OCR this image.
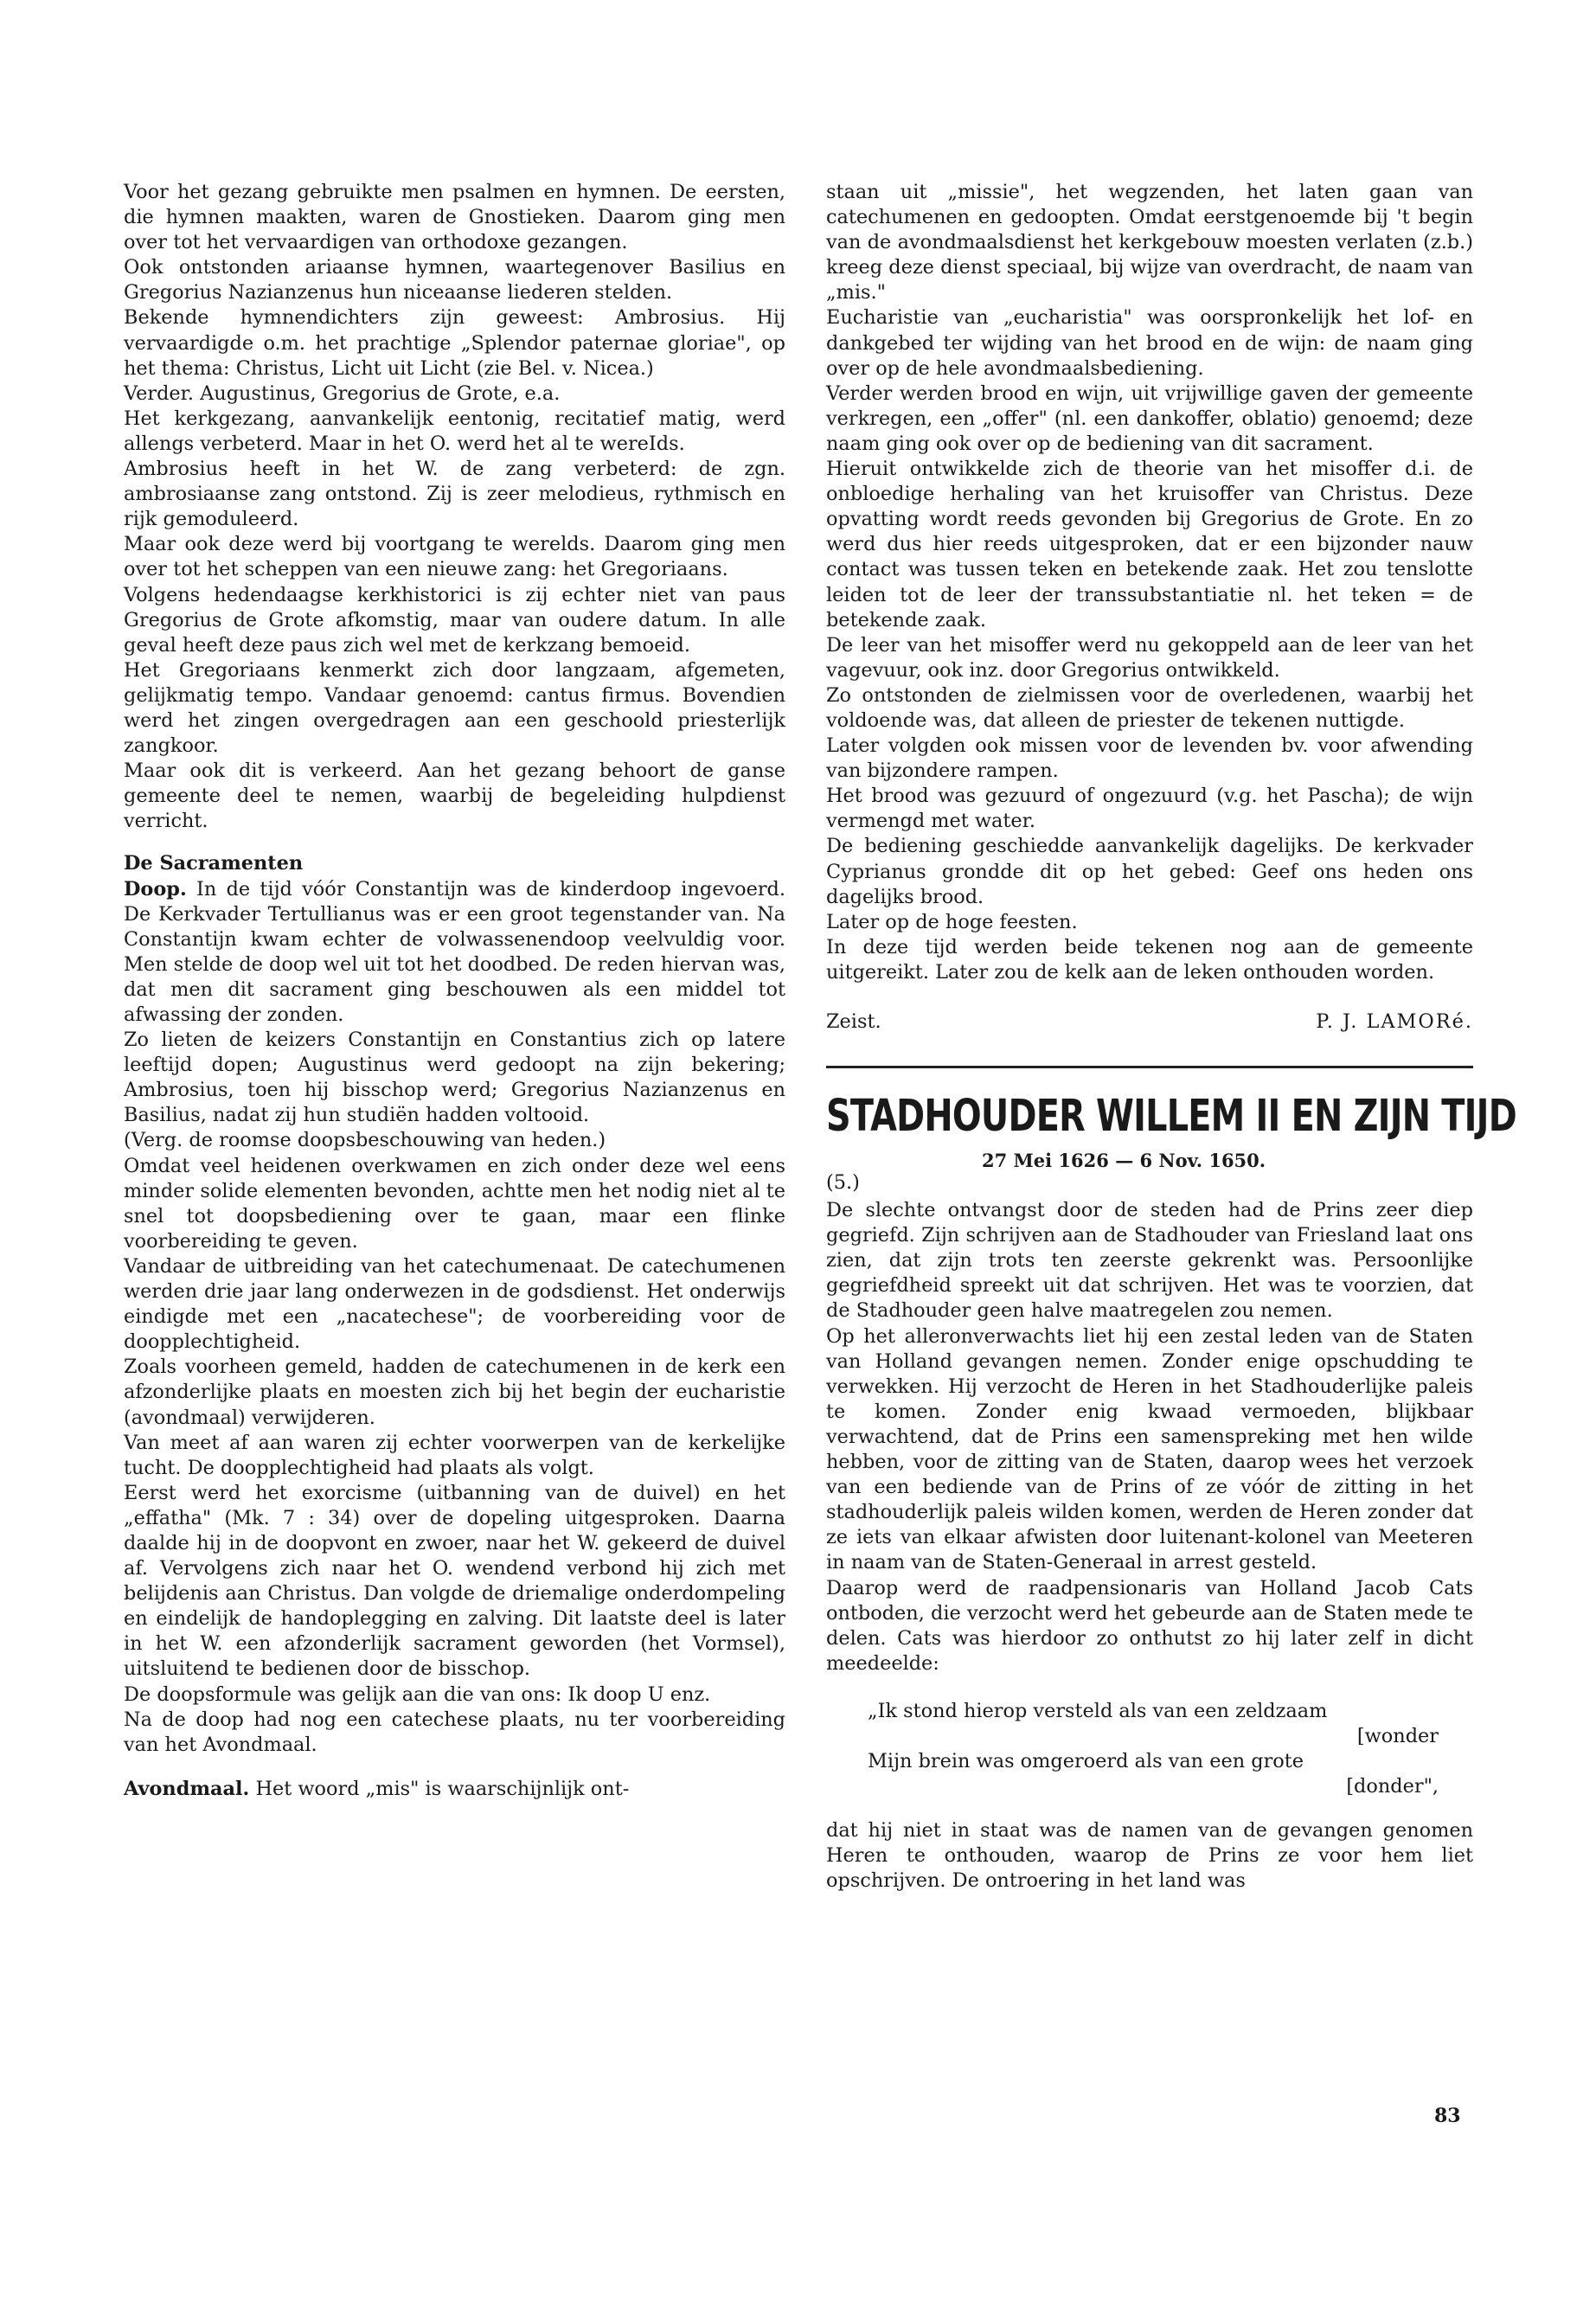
Voor het gezang gebruikte men psalmen en hymnen. De eersten, die hymnen maakten, waren de Gnostieken. Daarom ging men over tot het vervaardigen van orthodoxe gezangen.

Ook ontstonden ariaanse hymnen, waartegenover Basilius en Gregorius Nazianzenus hun niceaanse liederen stelden.

Bekende hymnendichters zijn geweest: Ambrosius. Hij vervaardigde o.m. het prachtige „Splendor paternae gloriae", op het thema: Christus, Licht uit Licht (zie Bel. v. Nicea.)

Verder. Augustinus, Gregorius de Grote, e.a.

Het kerkgezang, aanvankelijk eentonig, recitatief matig, werd allengs verbeterd. Maar in het O. werd het al te wereIds.

Ambrosius heeft in het W. de zang verbeterd: de zgn. ambrosiaanse zang ontstond. Zij is zeer melodieus, rythmisch en rijk gemoduleerd.

Maar ook deze werd bij voortgang te werelds. Daarom ging men over tot het scheppen van een nieuwe zang: het Gregoriaans.

Volgens hedendaagse kerkhistorici is zij echter niet van paus Gregorius de Grote afkomstig, maar van oudere datum. In alle geval heeft deze paus zich wel met de kerkzang bemoeid.

Het Gregoriaans kenmerkt zich door langzaam, afgemeten, gelijkmatig tempo. Vandaar genoemd: cantus firmus. Bovendien werd het zingen overgedragen aan een geschoold priesterlijk zangkoor.

Maar ook dit is verkeerd. Aan het gezang behoort de ganse gemeente deel te nemen, waarbij de begeleiding hulpdienst verricht.

De Sacramenten

Doop. In de tijd vóór Constantijn was de kinderdoop ingevoerd. De Kerkvader Tertullianus was er een groot tegenstander van. Na Constantijn kwam echter de volwassenendoop veelvuldig voor. Men stelde de doop wel uit tot het doodbed. De reden hiervan was, dat men dit sacrament ging beschouwen als een middel tot afwassing der zonden.

Zo lieten de keizers Constantijn en Constantius zich op latere leeftijd dopen; Augustinus werd gedoopt na zijn bekering; Ambrosius, toen hij bisschop werd; Gregorius Nazianzenus en Basilius, nadat zij hun studiën hadden voltooid.

(Verg. de roomse doopsbeschouwing van heden.)

Omdat veel heidenen overkwamen en zich onder deze wel eens minder solide elementen bevonden, achtte men het nodig niet al te snel tot doopsbediening over te gaan, maar een flinke voorbereiding te geven.

Vandaar de uitbreiding van het catechumenaat. De catechumenen werden drie jaar lang onderwezen in de godsdienst. Het onderwijs eindigde met een „nacatechese"; de voorbereiding voor de doopplechtigheid.

Zoals voorheen gemeld, hadden de catechumenen in de kerk een afzonderlijke plaats en moesten zich bij het begin der eucharistie (avondmaal) verwijderen.

Van meet af aan waren zij echter voorwerpen van de kerkelijke tucht. De doopplechtigheid had plaats als volgt.

Eerst werd het exorcisme (uitbanning van de duivel) en het „effatha" (Mk. 7 : 34) over de dopeling uitgesproken. Daarna daalde hij in de doopvont en zwoer, naar het W. gekeerd de duivel af. Vervolgens zich naar het O. wendend verbond hij zich met belijdenis aan Christus. Dan volgde de driemalige onderdompeling en eindelijk de handoplegging en zalving. Dit laatste deel is later in het W. een afzonderlijk sacrament geworden (het Vormsel), uitsluitend te bedienen door de bisschop.

De doopsformule was gelijk aan die van ons: Ik doop U enz.

Na de doop had nog een catechese plaats, nu ter voorbereiding van het Avondmaal.

Avondmaal. Het woord „mis" is waarschijnlijk ont-

staan uit „missie", het wegzenden, het laten gaan van catechumenen en gedoopten. Omdat eerstgenoemde bij 't begin van de avondmaalsdienst het kerkgebouw moesten verlaten (z.b.) kreeg deze dienst speciaal, bij wijze van overdracht, de naam van „mis."

Eucharistie van „eucharistia" was oorspronkelijk het lof- en dankgebed ter wijding van het brood en de wijn: de naam ging over op de hele avondmaalsbediening.

Verder werden brood en wijn, uit vrijwillige gaven der gemeente verkregen, een „offer" (nl. een dankoffer, oblatio) genoemd; deze naam ging ook over op de bediening van dit sacrament.

Hieruit ontwikkelde zich de theorie van het misoffer d.i. de onbloedige herhaling van het kruisoffer van Christus. Deze opvatting wordt reeds gevonden bij Gregorius de Grote. En zo werd dus hier reeds uitgesproken, dat er een bijzonder nauw contact was tussen teken en betekende zaak. Het zou tenslotte leiden tot de leer der transsubstantiatie nl. het teken = de betekende zaak.

De leer van het misoffer werd nu gekoppeld aan de leer van het vagevuur, ook inz. door Gregorius ontwikkeld.

Zo ontstonden de zielmissen voor de overledenen, waarbij het voldoende was, dat alleen de priester de tekenen nuttigde.

Later volgden ook missen voor de levenden bv. voor afwending van bijzondere rampen.

Het brood was gezuurd of ongezuurd (v.g. het Pascha); de wijn vermengd met water.

De bediening geschiedde aanvankelijk dagelijks. De kerkvader Cyprianus grondde dit op het gebed: Geef ons heden ons dagelijks brood.

Later op de hoge feesten.

In deze tijd werden beide tekenen nog aan de gemeente uitgereikt. Later zou de kelk aan de leken onthouden worden.

Zeist.	P. J. LAMORé.

STADHOUDER WILLEM II EN ZIJN TIJD

27 Mei 1626 — 6 Nov. 1650.
(5.)

De slechte ontvangst door de steden had de Prins zeer diep gegriefd. Zijn schrijven aan de Stadhouder van Friesland laat ons zien, dat zijn trots ten zeerste gekrenkt was. Persoonlijke gegriefdheid spreekt uit dat schrijven. Het was te voorzien, dat de Stadhouder geen halve maatregelen zou nemen.

Op het alleronverwachts liet hij een zestal leden van de Staten van Holland gevangen nemen. Zonder enige opschudding te verwekken. Hij verzocht de Heren in het Stadhouderlijke paleis te komen. Zonder enig kwaad vermoeden, blijkbaar verwachtend, dat de Prins een samenspreking met hen wilde hebben, voor de zitting van de Staten, daarop wees het verzoek van een bediende van de Prins of ze vóór de zitting in het stadhouderlijk paleis wilden komen, werden de Heren zonder dat ze iets van elkaar afwisten door luitenant-kolonel van Meeteren in naam van de Staten-Generaal in arrest gesteld.

Daarop werd de raadpensionaris van Holland Jacob Cats ontboden, die verzocht werd het gebeurde aan de Staten mede te delen. Cats was hierdoor zo onthutst zo hij later zelf in dicht meedeelde:

„Ik stond hierop versteld als van een zeldzaam

[wonder

Mijn brein was omgeroerd als van een grote

[donder",

dat hij niet in staat was de namen van de gevangen genomen Heren te onthouden, waarop de Prins ze voor hem liet opschrijven. De ontroering in het land was

83
